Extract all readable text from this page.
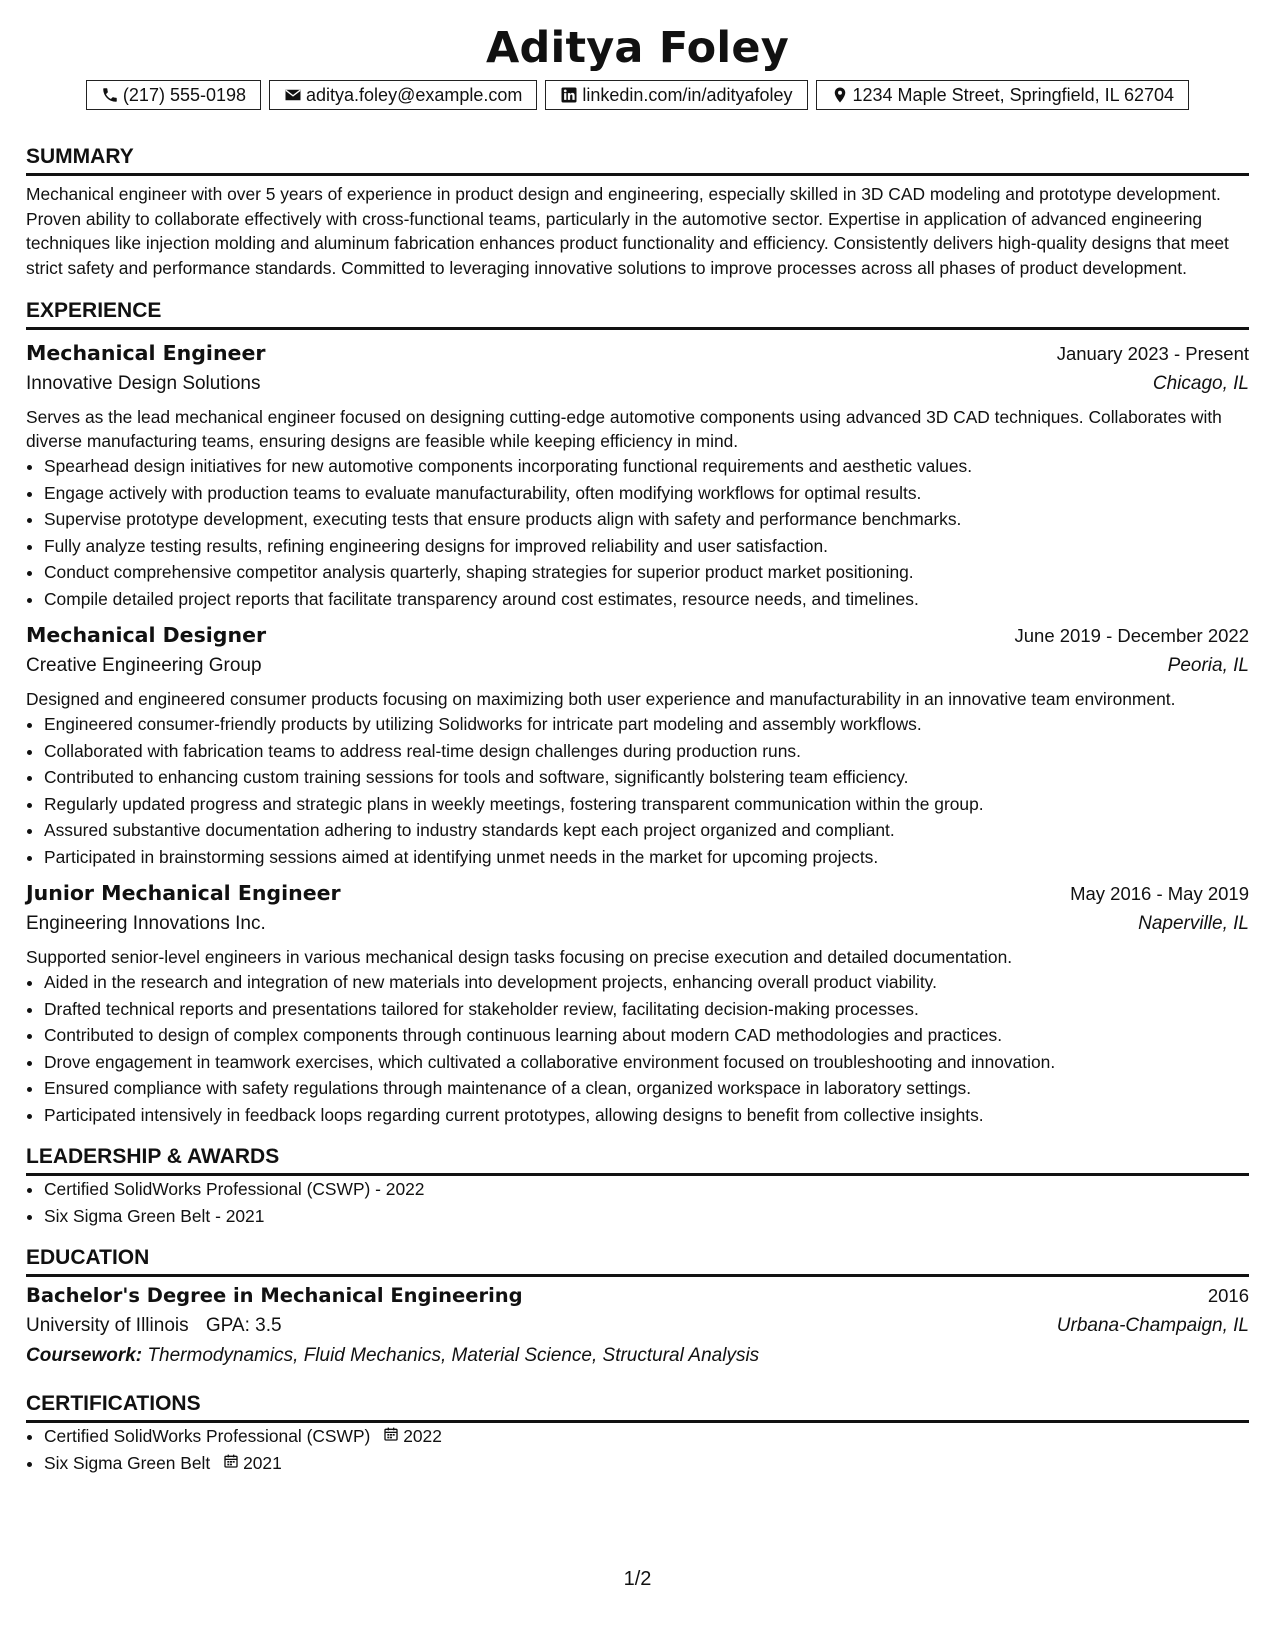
Aditya Foley
(217) 555-0198	aditya.foley@example.com	linkedin.com/in/adityafoley	1234 Maple Street, Springfield, IL 62704
SUMMARY

Mechanical engineer with over 5 years of experience in product design and engineering, especially skilled in 3D CAD modeling and prototype development. Proven ability to collaborate effectively with cross-functional teams, particularly in the automotive sector. Expertise in application of advanced engineering techniques like injection molding and aluminum fabrication enhances product functionality and efficiency. Consistently delivers high-quality designs that meet strict safety and performance standards. Committed to leveraging innovative solutions to improve processes across all phases of product development.

EXPERIENCE
Mechanical Engineer	January 2023 - Present
Innovative Design Solutions	Chicago, IL
Serves as the lead mechanical engineer focused on designing cutting-edge automotive components using advanced 3D CAD techniques. Collaborates with diverse manufacturing teams, ensuring designs are feasible while keeping efficiency in mind.
• Spearhead design initiatives for new automotive components incorporating functional requirements and aesthetic values.
• Engage actively with production teams to evaluate manufacturability, often modifying workflows for optimal results.
• Supervise prototype development, executing tests that ensure products align with safety and performance benchmarks.
• Fully analyze testing results, refining engineering designs for improved reliability and user satisfaction.
• Conduct comprehensive competitor analysis quarterly, shaping strategies for superior product market positioning.
• Compile detailed project reports that facilitate transparency around cost estimates, resource needs, and timelines.
Mechanical Designer	June 2019 - December 2022
Creative Engineering Group	Peoria, IL
Designed and engineered consumer products focusing on maximizing both user experience and manufacturability in an innovative team environment.
• Engineered consumer-friendly products by utilizing Solidworks for intricate part modeling and assembly workflows.
• Collaborated with fabrication teams to address real-time design challenges during production runs.
• Contributed to enhancing custom training sessions for tools and software, significantly bolstering team efficiency.
• Regularly updated progress and strategic plans in weekly meetings, fostering transparent communication within the group.
• Assured substantive documentation adhering to industry standards kept each project organized and compliant.
• Participated in brainstorming sessions aimed at identifying unmet needs in the market for upcoming projects.
Junior Mechanical Engineer	May 2016 - May 2019
Engineering Innovations Inc.	Naperville, IL
Supported senior-level engineers in various mechanical design tasks focusing on precise execution and detailed documentation.
• Aided in the research and integration of new materials into development projects, enhancing overall product viability.
• Drafted technical reports and presentations tailored for stakeholder review, facilitating decision-making processes.
• Contributed to design of complex components through continuous learning about modern CAD methodologies and practices.
• Drove engagement in teamwork exercises, which cultivated a collaborative environment focused on troubleshooting and innovation.
• Ensured compliance with safety regulations through maintenance of a clean, organized workspace in laboratory settings.
• Participated intensively in feedback loops regarding current prototypes, allowing designs to benefit from collective insights.
LEADERSHIP & AWARDS
• Certified SolidWorks Professional (CSWP) - 2022
• Six Sigma Green Belt - 2021
EDUCATION
Bachelor's Degree in Mechanical Engineering	2016
University of Illinois GPA: 3.5	Urbana-Champaign, IL
Coursework: Thermodynamics, Fluid Mechanics, Material Science, Structural Analysis
CERTIFICATIONS
• Certified SolidWorks Professional (CSWP) 2022
• Six Sigma Green Belt 2021
1/2
